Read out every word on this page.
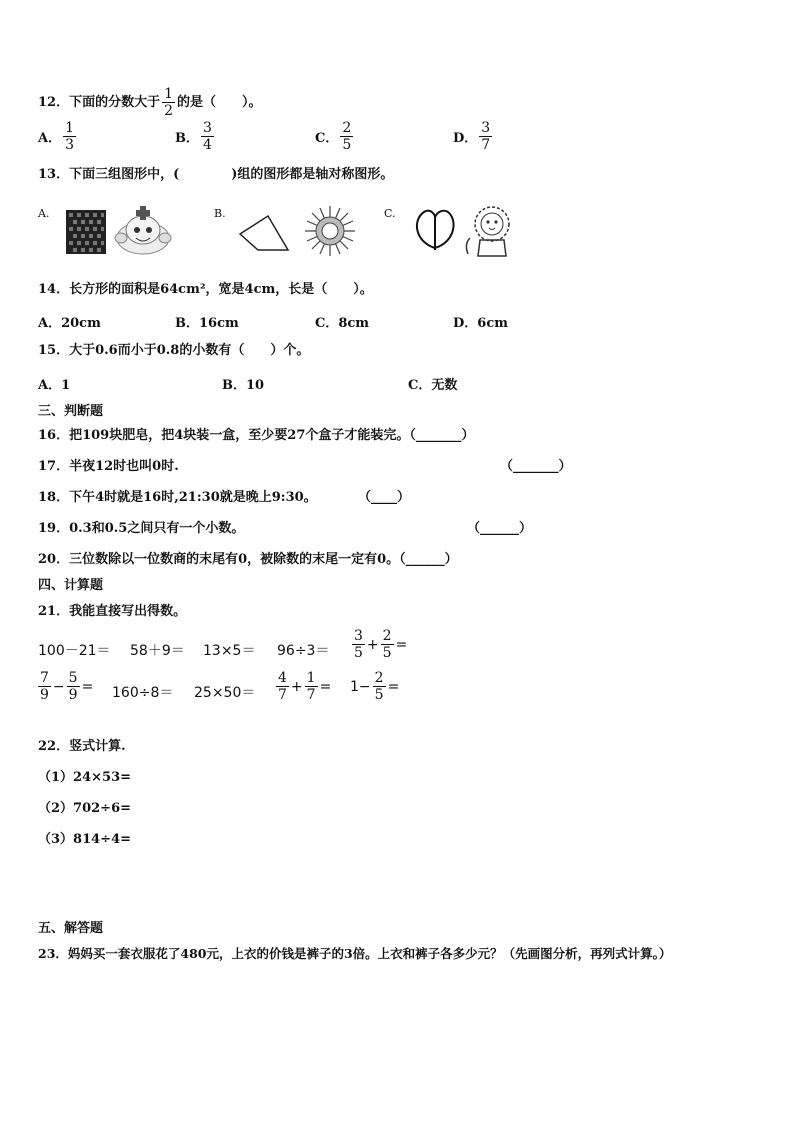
12．下面的分数大于 $\frac{1}{2}$ 的是（　　）。
A． $\frac{1}{3}$	B． $\frac{3}{4}$	C． $\frac{2}{5}$	D． $\frac{3}{7}$
13．下面三组图形中，(　　　　)组的图形都是轴对称图形。
A.	B.	C.
14．长方形的面积是64cm²，宽是4cm，长是（　　）。
A．20cm	B．16cm	C．8cm	D．6cm
15．大于0.6而小于0.8的小数有（　　）个。
A．1	B．10	C．无数
三、判断题
16．把109块肥皂，把4块装一盒，至少要27个盒子才能装完。（_______）
17．半夜12时也叫0时.	（_______）
18．下午4时就是16时,21:30就是晚上9:30。	（____）
19．0.3和0.5之间只有一个小数。	（______）
20．三位数除以一位数商的末尾有0，被除数的末尾一定有0。（______）
四、计算题
21．我能直接写出得数。
$100-21= 58+9= 13\times 5= 96\div 3= \frac{3}{5} + \frac{2}{5}$ =
$\frac{7}{9} - \frac{5}{9} = 160\div 8= 25\times 50= \frac{4}{7} + \frac{1}{7} = 1- \frac{2}{5}$ =
22．竖式计算.
（1）24×53=
（2）702÷6=
（3）814÷4=
五、解答题
23．妈妈买一套衣服花了480元，上衣的价钱是裤子的3倍。上衣和裤子各多少元？（先画图分析，再列式计算。）
